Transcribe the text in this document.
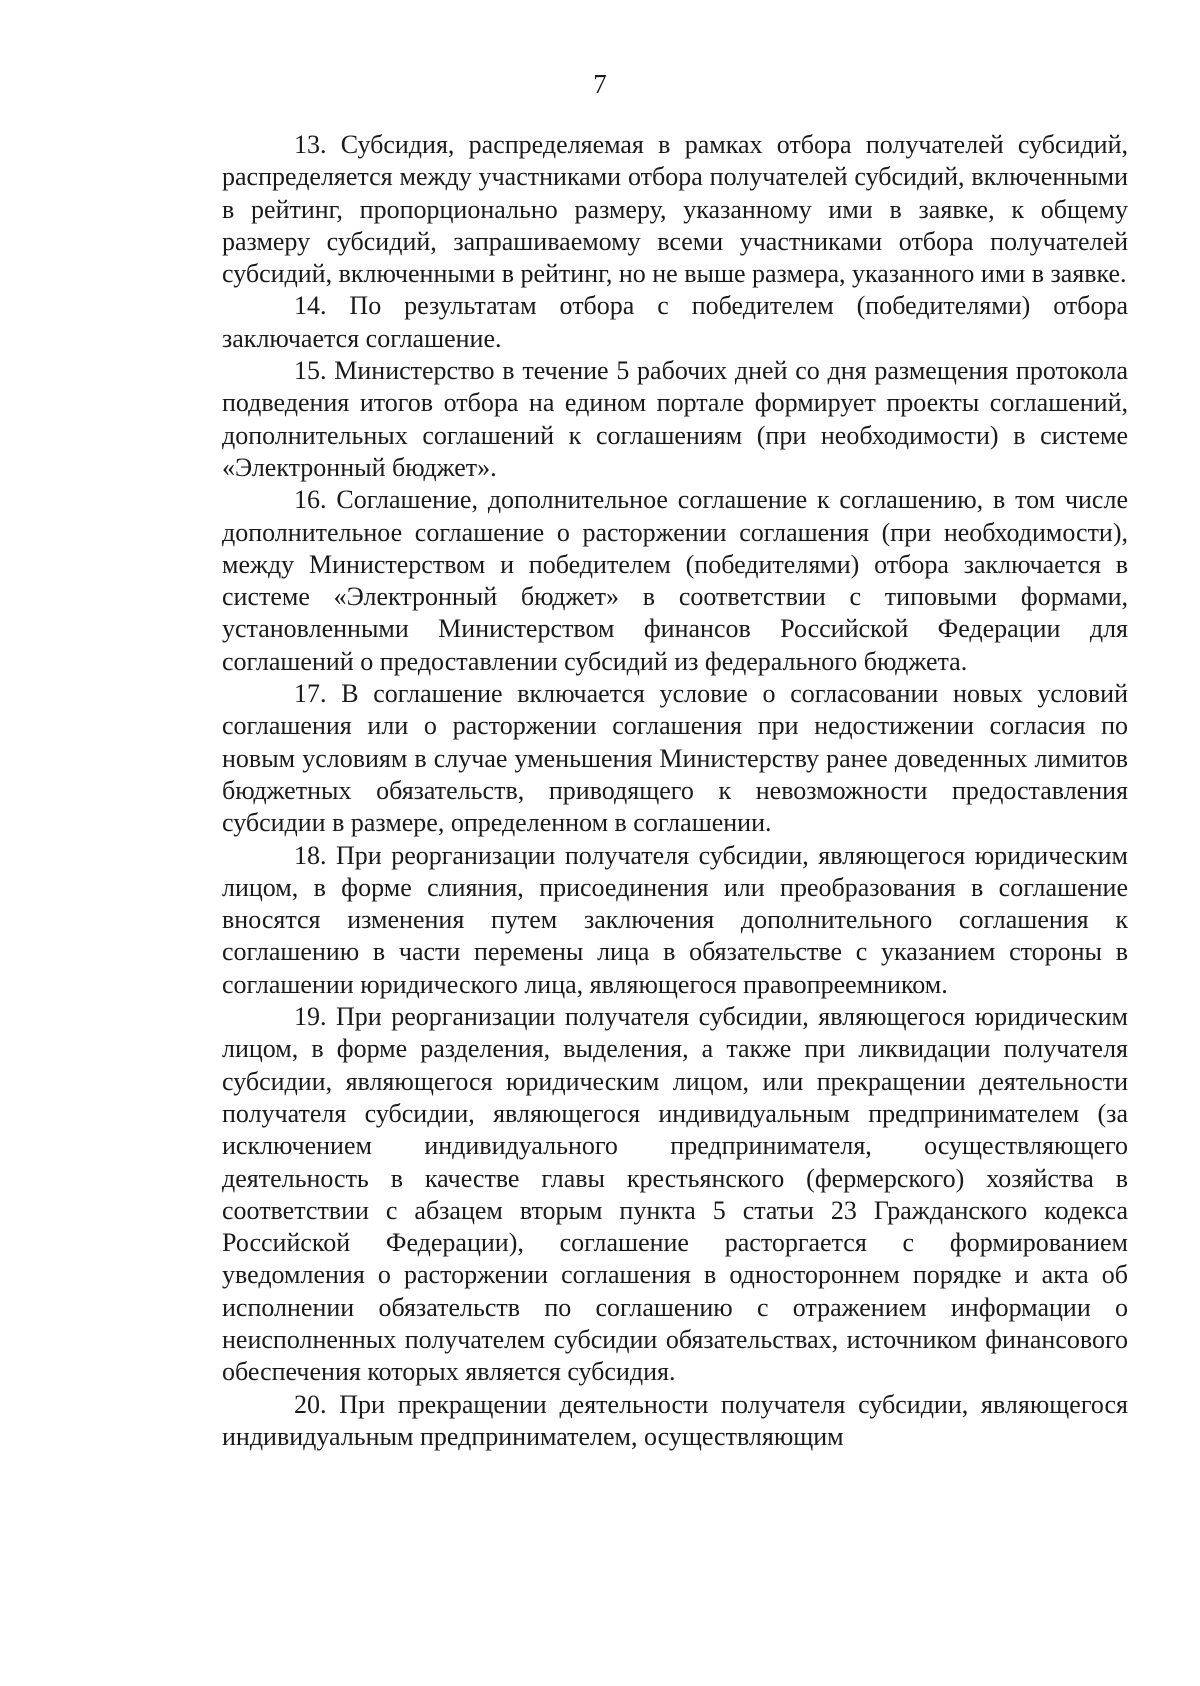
7

13. Субсидия, распределяемая в рамках отбора получателей субсидий, распределяется между участниками отбора получателей субсидий, включенными в рейтинг, пропорционально размеру, указанному ими в заявке, к общему размеру субсидий, запрашиваемому всеми участниками отбора получателей субсидий, включенными в рейтинг, но не выше размера, указанного ими в заявке.

14. По результатам отбора с победителем (победителями) отбора заключается соглашение.

15. Министерство в течение 5 рабочих дней со дня размещения протокола подведения итогов отбора на едином портале формирует проекты соглашений, дополнительных соглашений к соглашениям (при необходимости) в системе «Электронный бюджет».

16. Соглашение, дополнительное соглашение к соглашению, в том числе дополнительное соглашение о расторжении соглашения (при необходимости), между Министерством и победителем (победителями) отбора заключается в системе «Электронный бюджет» в соответствии с типовыми формами, установленными Министерством финансов Российской Федерации для соглашений о предоставлении субсидий из федерального бюджета.

17. В соглашение включается условие о согласовании новых условий соглашения или о расторжении соглашения при недостижении согласия по новым условиям в случае уменьшения Министерству ранее доведенных лимитов бюджетных обязательств, приводящего к невозможности предоставления субсидии в размере, определенном в соглашении.

18. При реорганизации получателя субсидии, являющегося юридическим лицом, в форме слияния, присоединения или преобразования в соглашение вносятся изменения путем заключения дополнительного соглашения к соглашению в части перемены лица в обязательстве с указанием стороны в соглашении юридического лица, являющегося правопреемником.

19. При реорганизации получателя субсидии, являющегося юридическим лицом, в форме разделения, выделения, а также при ликвидации получателя субсидии, являющегося юридическим лицом, или прекращении деятельности получателя субсидии, являющегося индивидуальным предпринимателем (за исключением индивидуального предпринимателя, осуществляющего деятельность в качестве главы крестьянского (фермерского) хозяйства в соответствии с абзацем вторым пункта 5 статьи 23 Гражданского кодекса Российской Федерации), соглашение расторгается с формированием уведомления о расторжении соглашения в одностороннем порядке и акта об исполнении обязательств по соглашению с отражением информации о неисполненных получателем субсидии обязательствах, источником финансового обеспечения которых является субсидия.

20. При прекращении деятельности получателя субсидии, являющегося индивидуальным предпринимателем, осуществляющим
